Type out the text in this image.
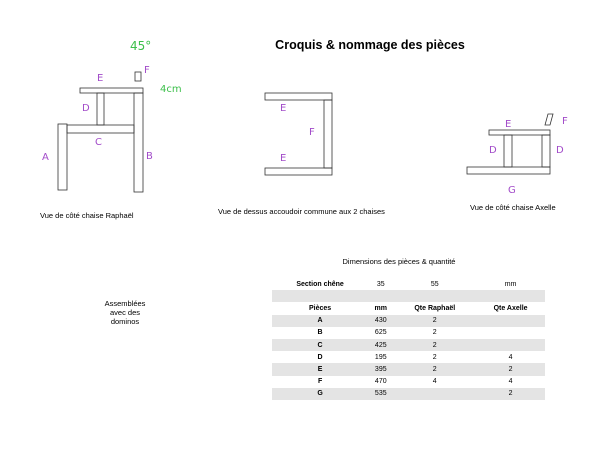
Croquis & nommage des pièces
E
F
D
C
A	B
45°
4cm
E
F
E
E	F
D	D
G
Vue de côté chaise Raphaël	Vue de dessus accoudoir commune aux 2 chaises	Vue de côté chaise Axelle
Assemblées
avec des
dominos
Dimensions des pièces & quantité
Section chêne	35	55	mm

Pièces	mm	Qte Raphaël	Qte Axelle
A	430	2	
B	625	2	
C	425	2	
D	195	2	4
E	395	2	2
F	470	4	4
G	535		2
